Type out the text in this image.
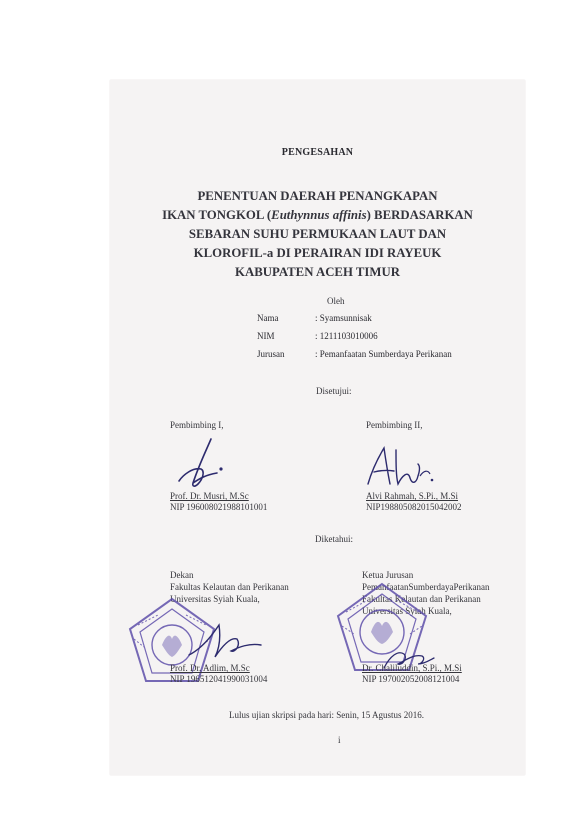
PENGESAHAN
PENENTUAN DAERAH PENANGKAPAN
IKAN TONGKOL (Euthynnus affinis) BERDASARKAN
SEBARAN SUHU PERMUKAAN LAUT DAN
KLOROFIL-a DI PERAIRAN IDI RAYEUK
KABUPATEN ACEH TIMUR
Oleh
Nama	: Syamsunnisak
NIM	: 1211103010006
Jurusan	: Pemanfaatan Sumberdaya Perikanan
Disetujui:
Pembimbing I,
Prof. Dr. Musri, M.Sc
NIP 196008021988101001
Pembimbing II,
Alvi Rahmah, S.Pi., M.Si
NIP198805082015042002
Diketahui:
Dekan
Fakultas Kelautan dan Perikanan
Universitas Syiah Kuala,
Prof. Dr. Adlim, M.Sc
NIP 196512041990031004
Ketua Jurusan
PemanfaatanSumberdayaPerikanan
Fakultas Kelautan dan Perikanan
Universitas Syiah Kuala,
Dr. Chaliluddin, S.Pi., M.Si
NIP 197002052008121004
Lulus ujian skripsi pada hari: Senin, 15 Agustus 2016.
i
